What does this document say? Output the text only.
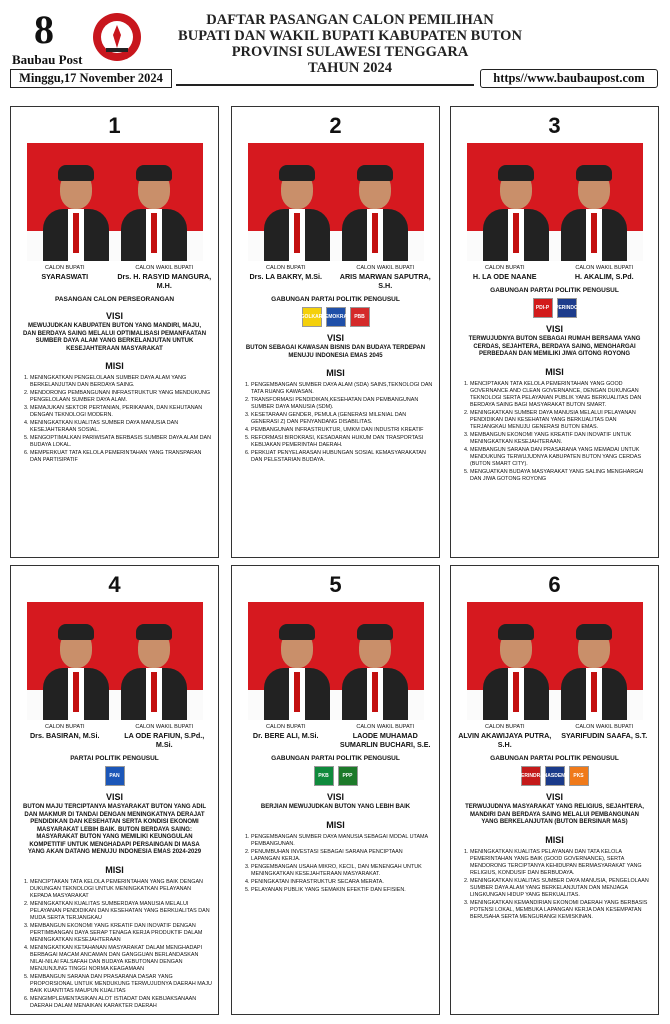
8
Baubau Post
DAFTAR PASANGAN CALON PEMILIHAN
BUPATI DAN WAKIL BUPATI KABUPATEN BUTON
PROVINSI SULAWESI TENGGARA
TAHUN 2024
Minggu,17 November 2024	https//www.baubaupost.com
1
CALON BUPATI
SYARASWATI
CALON WAKIL BUPATI
Drs. H. RASYID MANGURA, M.H.
PASANGAN CALON PERSEORANGAN
VISI
MEWUJUDKAN KABUPATEN BUTON YANG MANDIRI, MAJU, DAN BERDAYA SAING MELALUI OPTIMALISASI PEMANFAATAN SUMBER DAYA ALAM YANG BERKELANJUTAN UNTUK KESEJAHTERAAN MASYARAKAT
MISI
1. MENINGKATKAN PENGELOLAAN SUMBER DAYA ALAM YANG BERKELANJUTAN DAN BERDAYA SAING.
2. MENDORONG PEMBANGUNAN INFRASTRUKTUR YANG MENDUKUNG PENGELOLAAN SUMBER DAYA ALAM.
3. MEMAJUKAN SEKTOR PERTANIAN, PERIKANAN, DAN KEHUTANAN DENGAN TEKNOLOGI MODERN.
4. MENINGKATKAN KUALITAS SUMBER DAYA MANUSIA DAN KESEJAHTERAAN SOSIAL.
5. MENGOPTIMALKAN PARIWISATA BERBASIS SUMBER DAYA ALAM DAN BUDAYA LOKAL.
6. MEMPERKUAT TATA KELOLA PEMERINTAHAN YANG TRANSPARAN DAN PARTISIPATIF
2
CALON BUPATI
Drs. LA BAKRY, M.Si.
CALON WAKIL BUPATI
ARIS MARWAN SAPUTRA, S.H.
GABUNGAN PARTAI POLITIK PENGUSUL
GOLKAR
DEMOKRAT PBB
VISI
BUTON SEBAGAI KAWASAN BISNIS DAN BUDAYA TERDEPAN MENUJU INDONESIA EMAS 2045
MISI
1. PENGEMBANGAN SUMBER DAYA ALAM (SDA) SAINS,TEKNOLOGI DAN TATA RUANG KAWASAN.
2. TRANSFORMASI PENDIDIKAN,KESEHATAN DAN PEMBANGUNAN SUMBER DAYA MANUSIA (SDM).
3. KESETARAAN GENDER, PEMULA (GENERASI MILENIAL DAN GENERASI Z) DAN PENYANDANG DISABILITAS.
4. PEMBANGUNAN INFRASTRUKTUR, UMKM DAN INDUSTRI KREATIF
5. REFORMASI BIROKRASI, KESADARAN HUKUM DAN TRASPORTASI KEBIJAKAN PEMERINTAH DAERAH.
6. PERKUAT PENYELARASAN HUBUNGAN SOSIAL KEMASYARAKATAN DAN PELESTARIAN BUDAYA.
3
CALON BUPATI
H. LA ODE NAANE
CALON WAKIL BUPATI
H. AKALIM, S.Pd.
GABUNGAN PARTAI POLITIK PENGUSUL
PDI-P	PERINDO
VISI
TERWUJUDNYA BUTON SEBAGAI RUMAH BERSAMA YANG CERDAS, SEJAHTERA, BERDAYA SAING, MENGHARGAI PERBEDAAN DAN MEMILIKI JIWA GITONG ROYONG
MISI
1. MENCIPTAKAN TATA KELOLA PEMERINTAHAN YANG GOOD GOVERNANCE AND CLEAN GOVERNANCE, DENGAN DUKUNGAN TEKNOLOGI SERTA PELAYANAN PUBLIK YANG BERKUALITAS DAN BERDAYA SAING BAGI MASYARAKAT BUTON SMART.
2. MENINGKATKAN SUMBER DAYA MANUSIA MELALUI PELAYANAN PENDIDIKAN DAN KESEHATAN YANG BERKUALITAS DAN TERJANGKAU MENUJU GENERASI BUTON EMAS.
3. MEMBANGUN EKONOMI YANG KREATIF DAN INOVATIF UNTUK MENINGKATKAN KESEJAHTERAAN.
4. MEMBANGUN SARANA DAN PRASARANA YANG MEMADAI UNTUK MENDUKUNG TERWUJUDNYA KABUPATEN BUTON YANG CERDAS (BUTON SMART CITY).
5. MENGUATKAN BUDAYA MASYARAKAT YANG SALING MENGHARGAI DAN JIWA GOTONG ROYONG
4
CALON BUPATI
Drs. BASIRAN, M.Si.
CALON WAKIL BUPATI
LA ODE RAFIUN, S.Pd., M.Si.
PARTAI POLITIK PENGUSUL
PAN
VISI
BUTON MAJU TERCIPTANYA MASYARAKAT BUTON YANG ADIL DAN MAKMUR DI TANDAI DENGAN MENINGKATNYA DERAJAT PENDIDIKAN DAN KESEHATAN SERTA KONDISI EKONOMI MASYARAKAT LEBIH BAIK. BUTON BERDAYA SAING: MASYARAKAT BUTON YANG MEMILIKI KEUNGGULAN KOMPETITIF UNTUK MENGHADAPI PERSAINGAN DI MASA YANG AKAN DATANG MENUJU INDONESIA EMAS 2024-2029
MISI
1. MENCIPTAKAN TATA KELOLA PEMERINTAHAN YANG BAIK DENGAN DUKUNGAN TEKNOLOGI UNTUK MENINGKATKAN PELAYANAN KEPADA MASYARAKAT
2. MENINGKATKAN KUALITAS SUMBERDAYA MANUSIA MELALUI PELAYANAN PENDIDIKAN DAN KESEHATAN YANG BERKUALITAS DAN MUDA SERTA TERJANGKAU
3. MEMBANGUN EKONOMI YANG KREATIF DAN INOVATIF DENGAN PERTIMBANGAN DAYA SERAP TENAGA KERJA PRODUKTIF DALAM MENINGKATKAN KESEJAHTERAAN
4. MENINGKATKAN KETAHANAN MASYARAKAT DALAM MENGHADAPI BERBAGAI MACAM ANCAMAN DAN GANGGUAN BERLANDASKAN NILAI-NILAI FALSAFAH DAN BUDAYA KEBUTONAN DENGAN MENJUNJUNG TINGGI NORMA KEAGAMAAN
5. MEMBANGUN SARANA DAN PRASARANA DASAR YANG PROPORSIONAL UNTUK MENDUKUNG TERWUJUDNYA DAERAH MAJU BAIK KUANTITAS MAUPUN KUALITAS
6. MENGIMPLEMENTASIKAN ALOT ISTIADAT DAN KEBIJAKSANAAN DAERAH DALAM MENAIKAN KARAKTER DAERAH
5
CALON BUPATI
Dr. BERE ALI, M.Si.
CALON WAKIL BUPATI
LAODE MUHAMAD SUMARLIN BUCHARI, S.E.
GABUNGAN PARTAI POLITIK PENGUSUL
PKB	PPP
VISI
BERJIAN MEWUJUDKAN BUTON YANG LEBIH BAIK
MISI
1. PENGEMBANGAN SUMBER DAYA MANUSIA SEBAGAI MODAL UTAMA PEMBANGUNAN.
2. PENUMBUHAN INVESTASI SEBAGAI SARANA PENCIPTAAN LAPANGAN KERJA.
3. PENGEMBANGAN USAHA MIKRO, KECIL, DAN MENENGAH UNTUK MENINGKATKAN KESEJAHTERAAN MASYARAKAT.
4. PENINGKATAN INFRASTRUKTUR SECARA MERATA.
5. PELAYANAN PUBLIK YANG SEMAKIN EFEKTIF DAN EFISIEN.
6
CALON BUPATI
ALVIN AKAWIJAYA PUTRA, S.H.
CALON WAKIL BUPATI
SYARIFUDIN SAAFA, S.T.
GABUNGAN PARTAI POLITIK PENGUSUL
GERINDRA NASDEM	PKS
VISI
TERWUJUDNYA MASYARAKAT YANG RELIGIUS, SEJAHTERA, MANDIRI DAN BERDAYA SAING MELALUI PEMBANGUNAN YANG BERKELANJUTAN (BUTON BERSINAR MAS)
MISI
1. MENINGKATKAN KUALITAS PELAYANAN DAN TATA KELOLA PEMERINTAHAN YANG BAIK (GOOD GOVERNANCE), SERTA MENDORONG TERCIPTANYA KEHIDUPAN BERMASYARAKAT YANG RELIGIUS, KONDUSIF DAN BERBUDAYA.
2. MENINGKATKAN KUALITAS SUMBER DAYA MANUSIA, PENGELOLAAN SUMBER DAYA ALAM YANG BERKELANJUTAN DAN MENJAGA LINGKUNGAN HIDUP YANG BERKUALITAS.
3. MENINGKATKAN KEMANDIRIAN EKONOMI DAERAH YANG BERBASIS POTENSI LOKAL, MEMBUKA LAPANGAN KERJA DAN KESEMPATAN BERUSAHA SERTA MENGURANGI KEMISKINAN.
